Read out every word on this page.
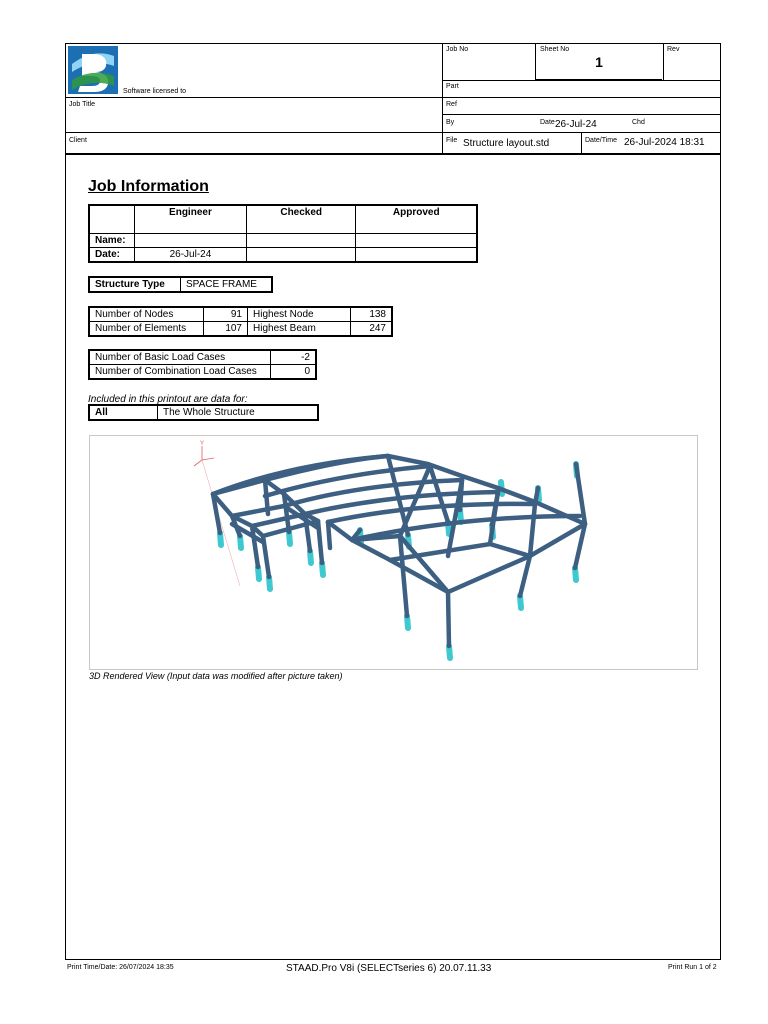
Software licensed to
Job No	Sheet No
1
Rev
Part
Job Title	Ref
By	Date 26-Jul-24	Chd
Client	File Structure layout.std	Date/Time 26-Jul-2024 18:31
Job Information
	Engineer	Checked	Approved
Name:			
Date:	26-Jul-24		
Structure Type	SPACE FRAME
Number of Nodes	91	Highest Node	138
Number of Elements	107	Highest Beam	247
Number of Basic Load Cases	-2
Number of Combination Load Cases	0
Included in this printout are data for:
All	The Whole Structure
Y
3D Rendered View (Input data was modified after picture taken)
Print Time/Date: 26/07/2024 18:35	STAAD.Pro V8i (SELECTseries 6) 20.07.11.33	Print Run 1 of 2
